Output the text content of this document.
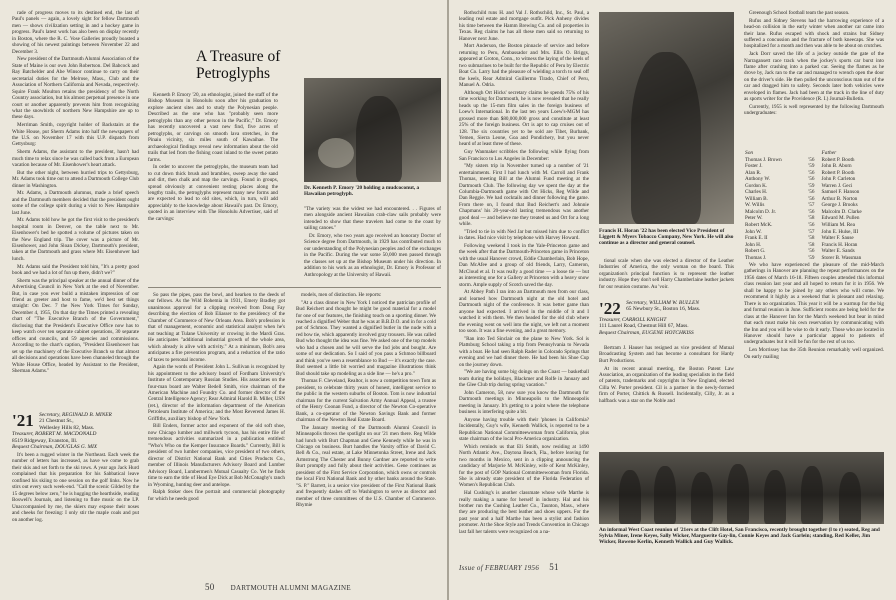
rade of progress moves to its destined end, the last of Paul's panels — again, a lovely sight for fellow Dartmouth men — shows civilization setting in and a hockey game in progress. Paul's latest work has also been on display recently in Boston, where the R. C. Vose Galleries proudly boasted a showing of his newest paintings between November 22 and December 3.

New president of the Dartmouth Alumni Association of the State of Maine is our own John Robertson. Del Babcock and Ray Batchelder and Abe Winsor continue to carry on their secretarial duties for the Melrose, Mass., Club and the Association of Northern California and Nevada, respectively. Squire Frank Moulton retains the presidency of the North Country association, but his almost perpetual presence in one court or another apparently prevents him from recognizing what the snowbirds of northern New Hampshire are up to these days.

Merriman Smith, copyright holder of Backstairs at the White House, put Sherm Adams into half the newspapers of the U.S. on November 17 with this U.P. dispatch from Gettysburg:

Sherm Adams, the assistant to the president, hasn't had much time to relax since he was called back from a European vacation because of Mr. Eisenhower's heart attack.

But the other night, between hurried trips to Gettysburg, Mr. Adams took time out to attend a Dartmouth College Club dinner in Washington.

Mr. Adams, a Dartmouth alumnus, made a brief speech and the Dartmouth members decided that the president ought some of the college spirit during a visit to New Hampshire last June.

Mr. Adams told how he got the first visit to the president's hospital room in Denver, on the table next to Mr. Eisenhower's bed he spotted a volume of pictures taken on the New England trip. The cover was a picture of Mr. Eisenhower, and John Sloan Dickey, Dartmouth's president, taken at the Dartmouth and grass where Mr. Eisenhower had lunch.

Mr. Adams said the President told him, "It's a pretty good book and we had a lot of fun up there, didn't we?"

Sherm was the principal speaker at the annual dinner of the Advertising Council in New York at the end of November. But, in case you ever build a mistaken impression of our friend as greeter and host to fame, we'd best set things straight: On Dec. 7 the New York Times for Sunday, December 4, 1955, On that day the Times printed a revealing chart of "The Executive Branch of the Government," disclosing that the President's Executive Office now has to keep watch over ten separate cabinet operations, 30 separate offices and councils, and 59 agencies and commissions. According to the chart's caption, "President Eisenhower has set up the machinery of the Executive Branch so that almost all decisions and operations have been channeled through the White House Office, headed by Assistant to the President, Sherman Adams."

'21 Secretary, REGINALD B. MINER
21 Chestnut St.,
Wellesley Hills 82, Mass.
Treasurer, ROBERT M. MACDONALD
8519 Ridgeway, Evanston, Ill.
Bequest Chairman, DOUGLAS G. MIX

It's been a rugged winter in the Northeast. Each week the number of letters has increased, as have we come to grab their skis and set forth to the ski tows. A year ago Jack Hurd complained that his preparation for his Sabbatical leave confined his skiing to one session on the golf links. Now he stirs out every such week-end. "Call the scenic Gilded by the 15 degrees below zero," he is hugging the hearthside, reading Boswell's Journals, and listening to flute music on the LP. Unaccompanied by me, the skiers may expose their noses and cheeks for freezing: I only stir the maple coals and put on another log.

A Treasure of Petroglyphs

Kenneth P. Emory '20, an ethnologist, joined the staff of the Bishop Museum in Honolulu soon after his graduation to explore ancient sites and to study the Polynesian people. Described as the one who has "probably seen more petroglyphs than any other person in the Pacific," Dr. Emory has recently uncovered a vast new find, five acres of petroglyphs, or carvings on smooth lava stretches, in the Pinaiu vicinity, six miles south of Kawaihae. The archaeological findings reveal new information about the old trails that led from the fishing coast inland to the sweet potato farms.

In order to uncover the petroglyphs, the museum team had to cut down thick brush and brambles, sweep away the sand and dirt, then chalk and map the carvings. Found in groups, spread obviously at convenient resting places along the lengthy trails, the petroglyphs represent many new forms and are expected to lead to old sites, which, in turn, will add appreciably to the knowledge about Hawaii's past. Dr. Emory, quoted in an interview with The Honolulu Advertiser, said of the carvings:

Dr. Kenneth P. Emory '20 holding a mudcoconut, a Hawaiian petroglyph.

"The variety was the widest we had encountered. . . Figures of men alongside ancient Hawaiian crab-claw sails probably were intended to show that these travelers had come to the coast by sailing canoes."

Dr. Emory, who two years ago received an honorary Doctor of Science degree from Dartmouth, in 1929 has contributed much to our understanding of the Polynesian peoples and of the exchanges in the Pacific. During the war some 50,000 men passed through the classes set up at the Bishop Museum under his direction. In addition to his work as an ethnologist, Dr. Emory is Professor of Anthropology at the University of Hawaii.

So pass the pipes, pass the bowl, and hearken to the deeds of our fellows. As the Wild Bohemia in 1931, Emery Bradley got unanimous approval for a clipping received from Doug Fay describing the election of Bob Eliasser to the presidency of the Chamber of Commerce of New Orleans Area. Bob's profession is that of management, economic and statistical analyst when he's not teaching at Tulane University or crowing in the Mardi Gras. He anticipates "additional industrial growth of the whole area, which already is alive with activity." At a minimum, Bob's area anticipates a fire prevention program, and a reduction of the ratio of taxes to personal income.

Again the words of President John L. Sullivan is recognized by his appointment to the advisory board of Fordham University's Institute of Contemporary Russian Studies. His associates on the four-man board are Walter Bedell Smith, vice chairman of the American Machine and Foundry Co. and former director of the Central Intelligence Agency; Rear Admiral Harold B. Miller, USN (ret.), director of the information department of the American Petroleum Institute of America; and the Most Reverend James H. Griffiths, auxiliary bishop of New York.

Bill Enders, former actor and exponent of the old soft shoe, now Chicago lumber and millwork tycoon, has his entire file of tremendous activities summarized in a publication entitled: "Who's Who on the Kemper Insurance Boards." Currently, Bill is president of two lumber companies, vice president of two others, director of District National Bank and Cities Products Co., member of Illinois Manufacturers Advisory Board and Lumber Advisory Board, Lumbermen's Mutual Casualty Co. Yet he finds time to earn the title of Head Eye Dick at Bob McConaghy's ranch in Wyoming, hunting deer and antelope.

Ralph Stoker does fine portrait and commercial photography for which he needs good

models, men of distinction. He reports:

"At a class dinner in New York I noticed the patrician profile of Bud Reichert and thought he might be good material for a model for one of our features, the finishing touch on a sporting dinner. We reached a dignified Weber that he was at B.B.D.O. and in for a cold pot of Schmoo. They wanted a dignified butler in the nude with a red bow tie, which apparently involved gray trousers. He was called Bud who thought the idea was fine. We asked one of the top models who had a chosen and he will serve the Ind jobs and bought. Are some of our dedication. So I said of you pass a Schmoo billboard and think you've seen a resemblance to Bud — it's exactly the case. Bud seemed a little bit worried and magazine illustrations think Bud should take up modeling as a side line — he's a pro."

Thomas F. Cleveland, Realtor, is now a competition town Tom as president, to celebrate thirty years of honest, intelligent service to the public in the western suburbs of Boston. Tom is now industrial chairman for the current Salvation Army Annual Appeal, a trustee of the Henry Coonan Fund, a director of the Newton Co-operative Bank, a co-operator of the Newton Savings Bank and former chairman of the Newton Real Estate Board.

The January meeting of the Dartmouth Alumni Council in Minneapolis throws the spotlight on our '21 men there. Reg Wilde had lunch with Burt Chapman and Gene Kennedy while he was in Chicago on business. Burt handles the Varsity office of David C. Bell & Co., real estate, at Lake Minnetonka Street, Irene and Jack Armstrong The Chester and Bunny Gardner are reported to write Burt promptly and fully about their activities. Gene continues as president of the First Service Corporation, which owns or controls the local First National Bank and by other banks around the State. "S. P." Barrett, is a senior vice president of the First National Bank and frequently dashes off to Washington to serve as director and member of three committees of the U.S. Chamber of Commerce. Rhymie

50 DARTMOUTH ALUMNI MAGAZINE

Rothschild runs H. and Val J. Rothschild, Inc., St. Paul, a leading real estate and mortgage outfit. Pick Anheny divides his time between the Hamm Brewing Co. and oil properties in Texas. Reg claims he has all these men said so returning to Hanover next June.

Mort Anderson, the Boston pinnacle of service and before returning to Peru, Ambassador and Mrs. Ellis O. Briggs, appeared at Groton, Conn., to witness the laying of the keels of two submarines to be built for the Republic of Peru by Electric Boat Co. Larry had the pleasure of wielding a torch to seal off the keels, Rear Admiral Guillermo Tirado, Chief of Peru, Manuel A. Odria.

Although Ort Hicks' secretary claims he spends 75% of his time working for Dartmouth, he is now revealed that he really heads up the 15-mm film sales in the foreign business of Loew's International. In the last ten years Loew's-MGM has grossed more than $80,000,000 gross and constitute at least 25% of the foreign business. Ort is apt to cap cruises out of 128. The six countries yet to be sold are Tibet, Burbank, Yemen, Sierra Leone, Goa and Pondichery, but you never heard of at least three of these.

Guy Wanmaker scribbles the following while flying from San Francisco to Los Angeles in December:

"My sisters trip in November turned up a number of '21 entertainments. First I had lunch with M. Carroll and Frank Thomas, meeting Bill at the Alumni Fund meeting at the Dartmouth Club. The following day we spent the day at the Columbia-Dartmouth game with Ort Hicks, Reg Wilde and Dan Reggie. We had cocktails and dinner following the game. From there on, I found that Bud Reichert's and Johnnie Chapmans' his 20-year-old lasting tremendous was another good deal — and believe me they treated us and Ort for a long while.

"Tried to tie in with Ned Jar but missed him due to conflict in dates. Had nice visit by telephone with Harvey Howard.

Following weekend I took in the Yale-Princeton game and the week after that the Dartmouth-Princeton game in Princeton with the usual Hanover crowd, Eddie Chamberlain, Bob Hope, Dan McAfee and a group of old friends, Larry, Cameron, McCloud et al. It was really a good time — a loose tie — but as interesting one for a Gallery at Princeton with a heavy snow storm. Ample supply of Scotch saved the day.

At Abbey Path I ran into an Dartmouth men from our class, and learned how Dartmouth night at the old hotel and Dartmouth night of the conference. It was better game than anyone had expected. I arrived in the middle of it and I watched it with them. We then headed for the old club where the evening went on well into the night, we left not a moment too soon. It was a fine evening, and a great memory.

"Ran into Ted Sinclair on the plane to New York. Sol is Plattsburg School taking a trip from Pennsylvania to Nevada with a boat. He had seen Ralph Rader in Colorado Springs that evening and we had dinner there. He had been his Shoe Cup on the journey down.

"We are having some big doings on the Coast — basketball team during the holidays, Blackmer and Rolfe in January and the Glee Club trip during spring vacation."

John Cameron, 58, now sure you know the Dartmouth for Dartmouth meetings in Minneapolis to the Minneapolis meeting in January. It's getting to a point where the telephone business is interfering quite a bit.

Anyone having trouble with their 'phones in California? Incidentally, Guy's wife, Kenneth Wallick, is reported to be a Republican National Committeewoman from California, plus state chairman of the local Pro-America organization.

Which reminds us that Eli Smith, now residing at 1490 North Atlantic Ave., Daytona Beach, Fla., before leaving for two months in Mexico, sent in a clipping announcing the candidacy of Marjorie M. McKinley, wife of Kent McKinley, for the post of GOP National Committeewoman from Florida. She is already state president of the Florida Federation of Women's Republican Club.

Hal Cushing's is another classmate whose wife Marthe is really making a name for herself in industry. Hal and his brother run the Cushing Leather Co., Taunton, Mass., where they are producing the best leather and shoes uppers. For the past year and a half Marthe has been a stylist and fashion promoter. At the Shoe Style and Trends Convention in Chicago last fall her talents were recognized on a na-

Francis H. Horan '22 has been elected Vice President of Liggett & Myers Tobacco Company, New York. He will also continue as a director and general counsel.

tional scale when she was elected a director of the Leather Industries of America, the only woman on the board. This organization's principal function is to represent the leather industry. Hope they don't sell Harry Chamberlaine leather jackets for our reunion costume. Au 'voir.

'22 Secretary, WILLIAM W. BULLEN
65 Newbury St., Boston 16, Mass.
Treasurer, CARROLL KNIGHT
111 Laurel Road, Chestnut Hill 67, Mass.
Bequest Chairman, EUGENE HOTCHKISS

Bertram J. Hauser has resigned as vice president of Mutual Broadcasting System and has become a consultant for Hardy Burt Productions.

At its recent annual meeting, the Boston Patent Law Association, an organization of the leading specialists in the field of patents, trademarks and copyrights in New England, elected Cilla W. Porter president. Cil is a partner in the newly-formed firm of Porter, Chittick & Russell. Incidentally, Cilly, Jr. as a halfback was a star on the Noble and

Greenough School football team the past season.

Rufus and Sidney Stevens had the harrowing experience of a head-on collision in the early winter when another car came into their lane. Rufus escaped with shock and strains but Sidney suffered a concussion and the fracture of both kneecaps. She was hospitalized for a month and then was able to be about on crutches.

Jack Dorr saved the life of a jockey outside the gate of the Narragansett race track when the jockey's sports car burst into flame after crashing into a parked car. Seeing the flames as he drove by, Jack ran to the car and managed to wrench open the door on the driver's side. He then pulled the unconscious man out of the car and dragged him to safety. Seconds later both vehicles were enveloped in flames. Jack had been at the track in the line of duty as sports writer for the Providence (R. I.) Journal-Bulletin.

Currently, 1955 is well represented by the following Dartmouth undergraduates:

Son		Father
Thomas J. Brown	'56	Robert P. Booth
Foster J.	'59	John B. Aborn
Alan R.	'56	Robert P. Booth
Anthony W.	'56	John P. Carleton
Gordon K.	'59	Warren J. Geci
Charles H.	'56	Samuel F. Hanson
William B.	'56	Arthur B. Norton
W. Willis	'57	George J. Brooks
Malcolm D. Jr.	'56	Malcolm D. Clarke
Peter W.	'58	Edward M. Pullen
Robert McK.	'56	William M. Rea
John W.	'57	John E. Hulse, III
Frank E. II	'58	Walter F. Sause
John H.	'58	Francis H. Horan
Robert G.	'56	Walter E. Sands
Thomas J.	'59	Storer B. Wassman

We who have experienced the pleasure of the mid-March gatherings in Hanover are planning the repeat performances on the 1956 dates of March 16-18. Fifteen couples attended this informal class reunion last year and all hoped to return for it in 1956. We shall be happy to be joined by any others who will come. We recommend it highly as a weekend that is pleasant and relaxing. There is no organization. This year it will be a warmup for the big and formal reunion in June. Sufficient rooms are being held for the class at the Hanover Inn for the March weekend but bear in mind that each must make his own reservation by communicating with the Inn and you will be wise to do it early. Those who are located in Hanover should have a particular appeal to patients of undergraduates but it will be fun for the rest of us too.

Len Morrissey has the 35th Reunion remarkably well organized. On early mailing

An informal West Coast reunion of '21ers at the Clift Hotel, San Francisco, recently brought together (l to r) seated, Reg and Sylvia Miner, Irene Keyes, Sally Wicker, Marguerite Gay-lin, Connie Keyes and Jack Garlein; standing, Red Keller, Jim Wicker, Rowene Kerlin, Kenneth Wallick and Guy Wallick.
Issue of FEBRUARY 1956 51
